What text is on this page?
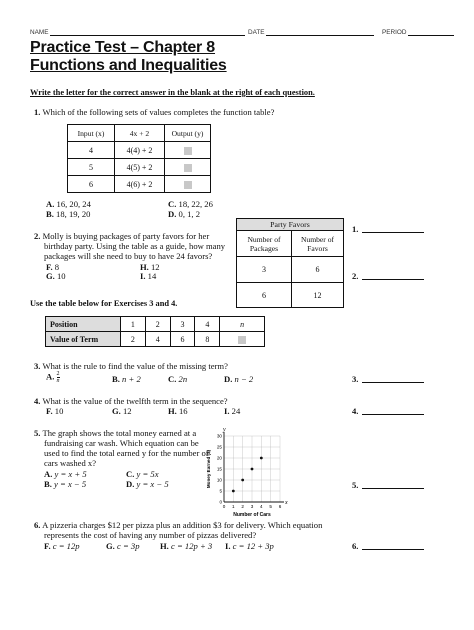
NAME	DATE	PERIOD
Practice Test – Chapter 8
Functions and Inequalities
Write the letter for the correct answer in the blank at the right of each question.
1. Which of the following sets of values completes the function table?
Input (x)	4x + 2	Output (y)
4	4(4) + 2	
5	4(5) + 2	
6	4(6) + 2	
A. 16, 20, 24	C. 18, 22, 26
B. 18, 19, 20	D. 0, 1, 2
1.
2. Molly is buying packages of party favors for her
birthday party. Using the table as a guide, how many
packages will she need to buy to have 24 favors?
F. 8	H. 12
G. 10	I. 14
Party Favors	
Number of Packages	Number of Favors
3	6
6	12
2.
Use the table below for Exercises 3 and 4.
Position	1	2	3	4	n
Value of Term	2	4	6	8	
3. What is the rule to find the value of the missing term?
A. $\frac{2}{n}$	B. n + 2	C. 2n	D. n − 2	3.
4. What is the value of the twelfth term in the sequence?
F. 10	G. 12	H. 16	I. 24	4.
5. The graph shows the total money earned at a
fundraising car wash. Which equation can be
used to find the total earned y for the number of
cars washed x?
A. y = x + 5	C. y = 5x
B. y = x − 5	D. y = x − 5
0 1 2 3 4 5 6
0
5
10
15
20
25
30
x
y
Number of Cars
Money Earned ($)	5.
6. A pizzeria charges $12 per pizza plus an addition $3 for delivery. Which equation
represents the cost of having any number of pizzas delivered?
F. c = 12p	G. c = 3p H. c = 12p + 3 I. c = 12 + 3p	6.
